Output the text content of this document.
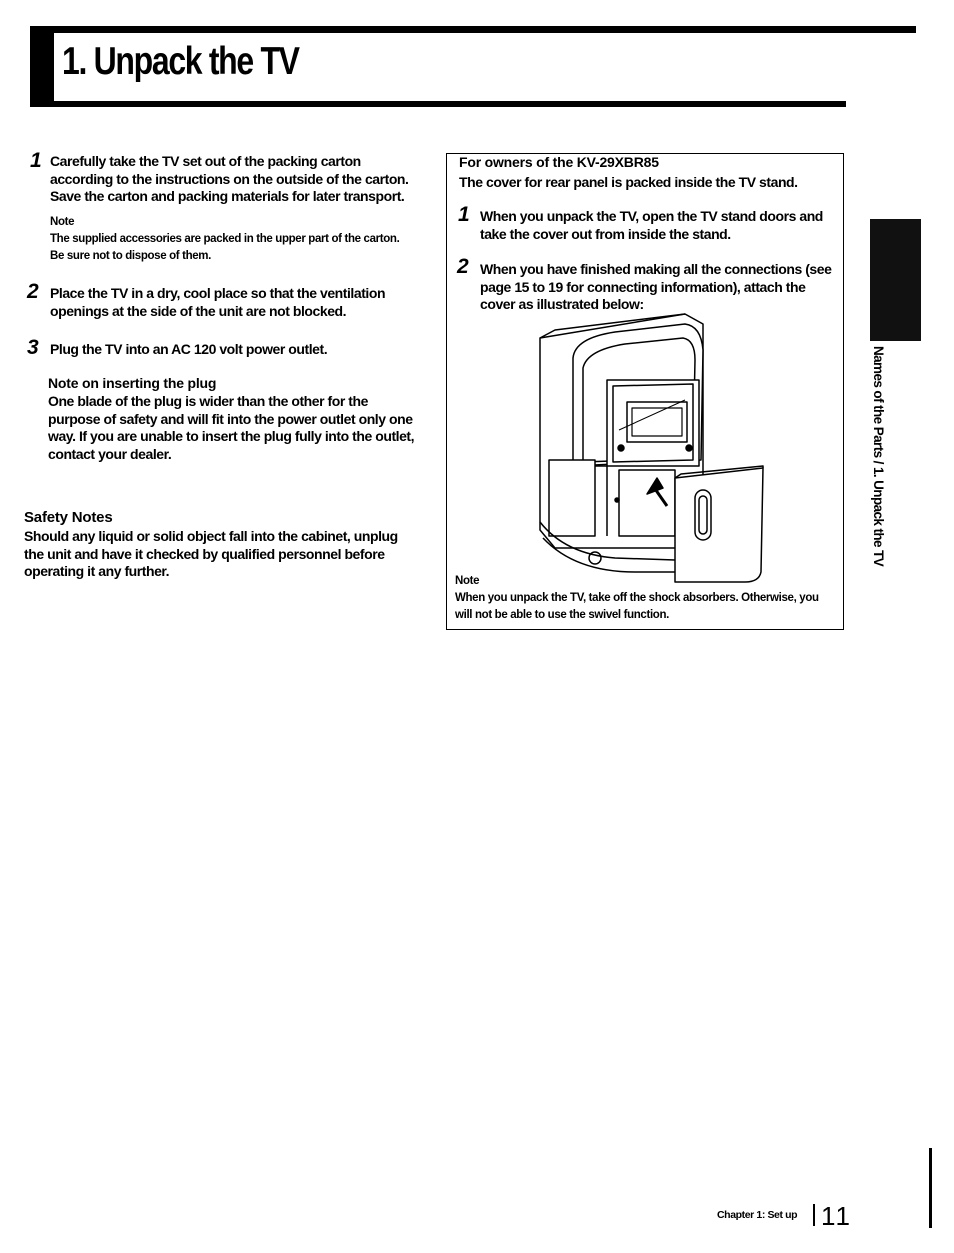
1. Unpack the TV
1 Carefully take the TV set out of the packing carton according to the instructions on the outside of the carton. Save the carton and packing materials for later transport.
Note
The supplied accessories are packed in the upper part of the carton. Be sure not to dispose of them.
2 Place the TV in a dry, cool place so that the ventilation openings at the side of the unit are not blocked.
3 Plug the TV into an AC 120 volt power outlet.
Note on inserting the plug
One blade of the plug is wider than the other for the purpose of safety and will fit into the power outlet only one way. If you are unable to insert the plug fully into the outlet, contact your dealer.
Safety Notes
Should any liquid or solid object fall into the cabinet, unplug the unit and have it checked by qualified personnel before operating it any further.
For owners of the KV-29XBR85
The cover for rear panel is packed inside the TV stand.
1 When you unpack the TV, open the TV stand doors and take the cover out from inside the stand.
2 When you have finished making all the connections (see page 15 to 19 for connecting information), attach the cover as illustrated below:
Note
When you unpack the TV, take off the shock absorbers. Otherwise, you will not be able to use the swivel function.
Names of the Parts / 1. Unpack the TV
Chapter 1: Set up 11
